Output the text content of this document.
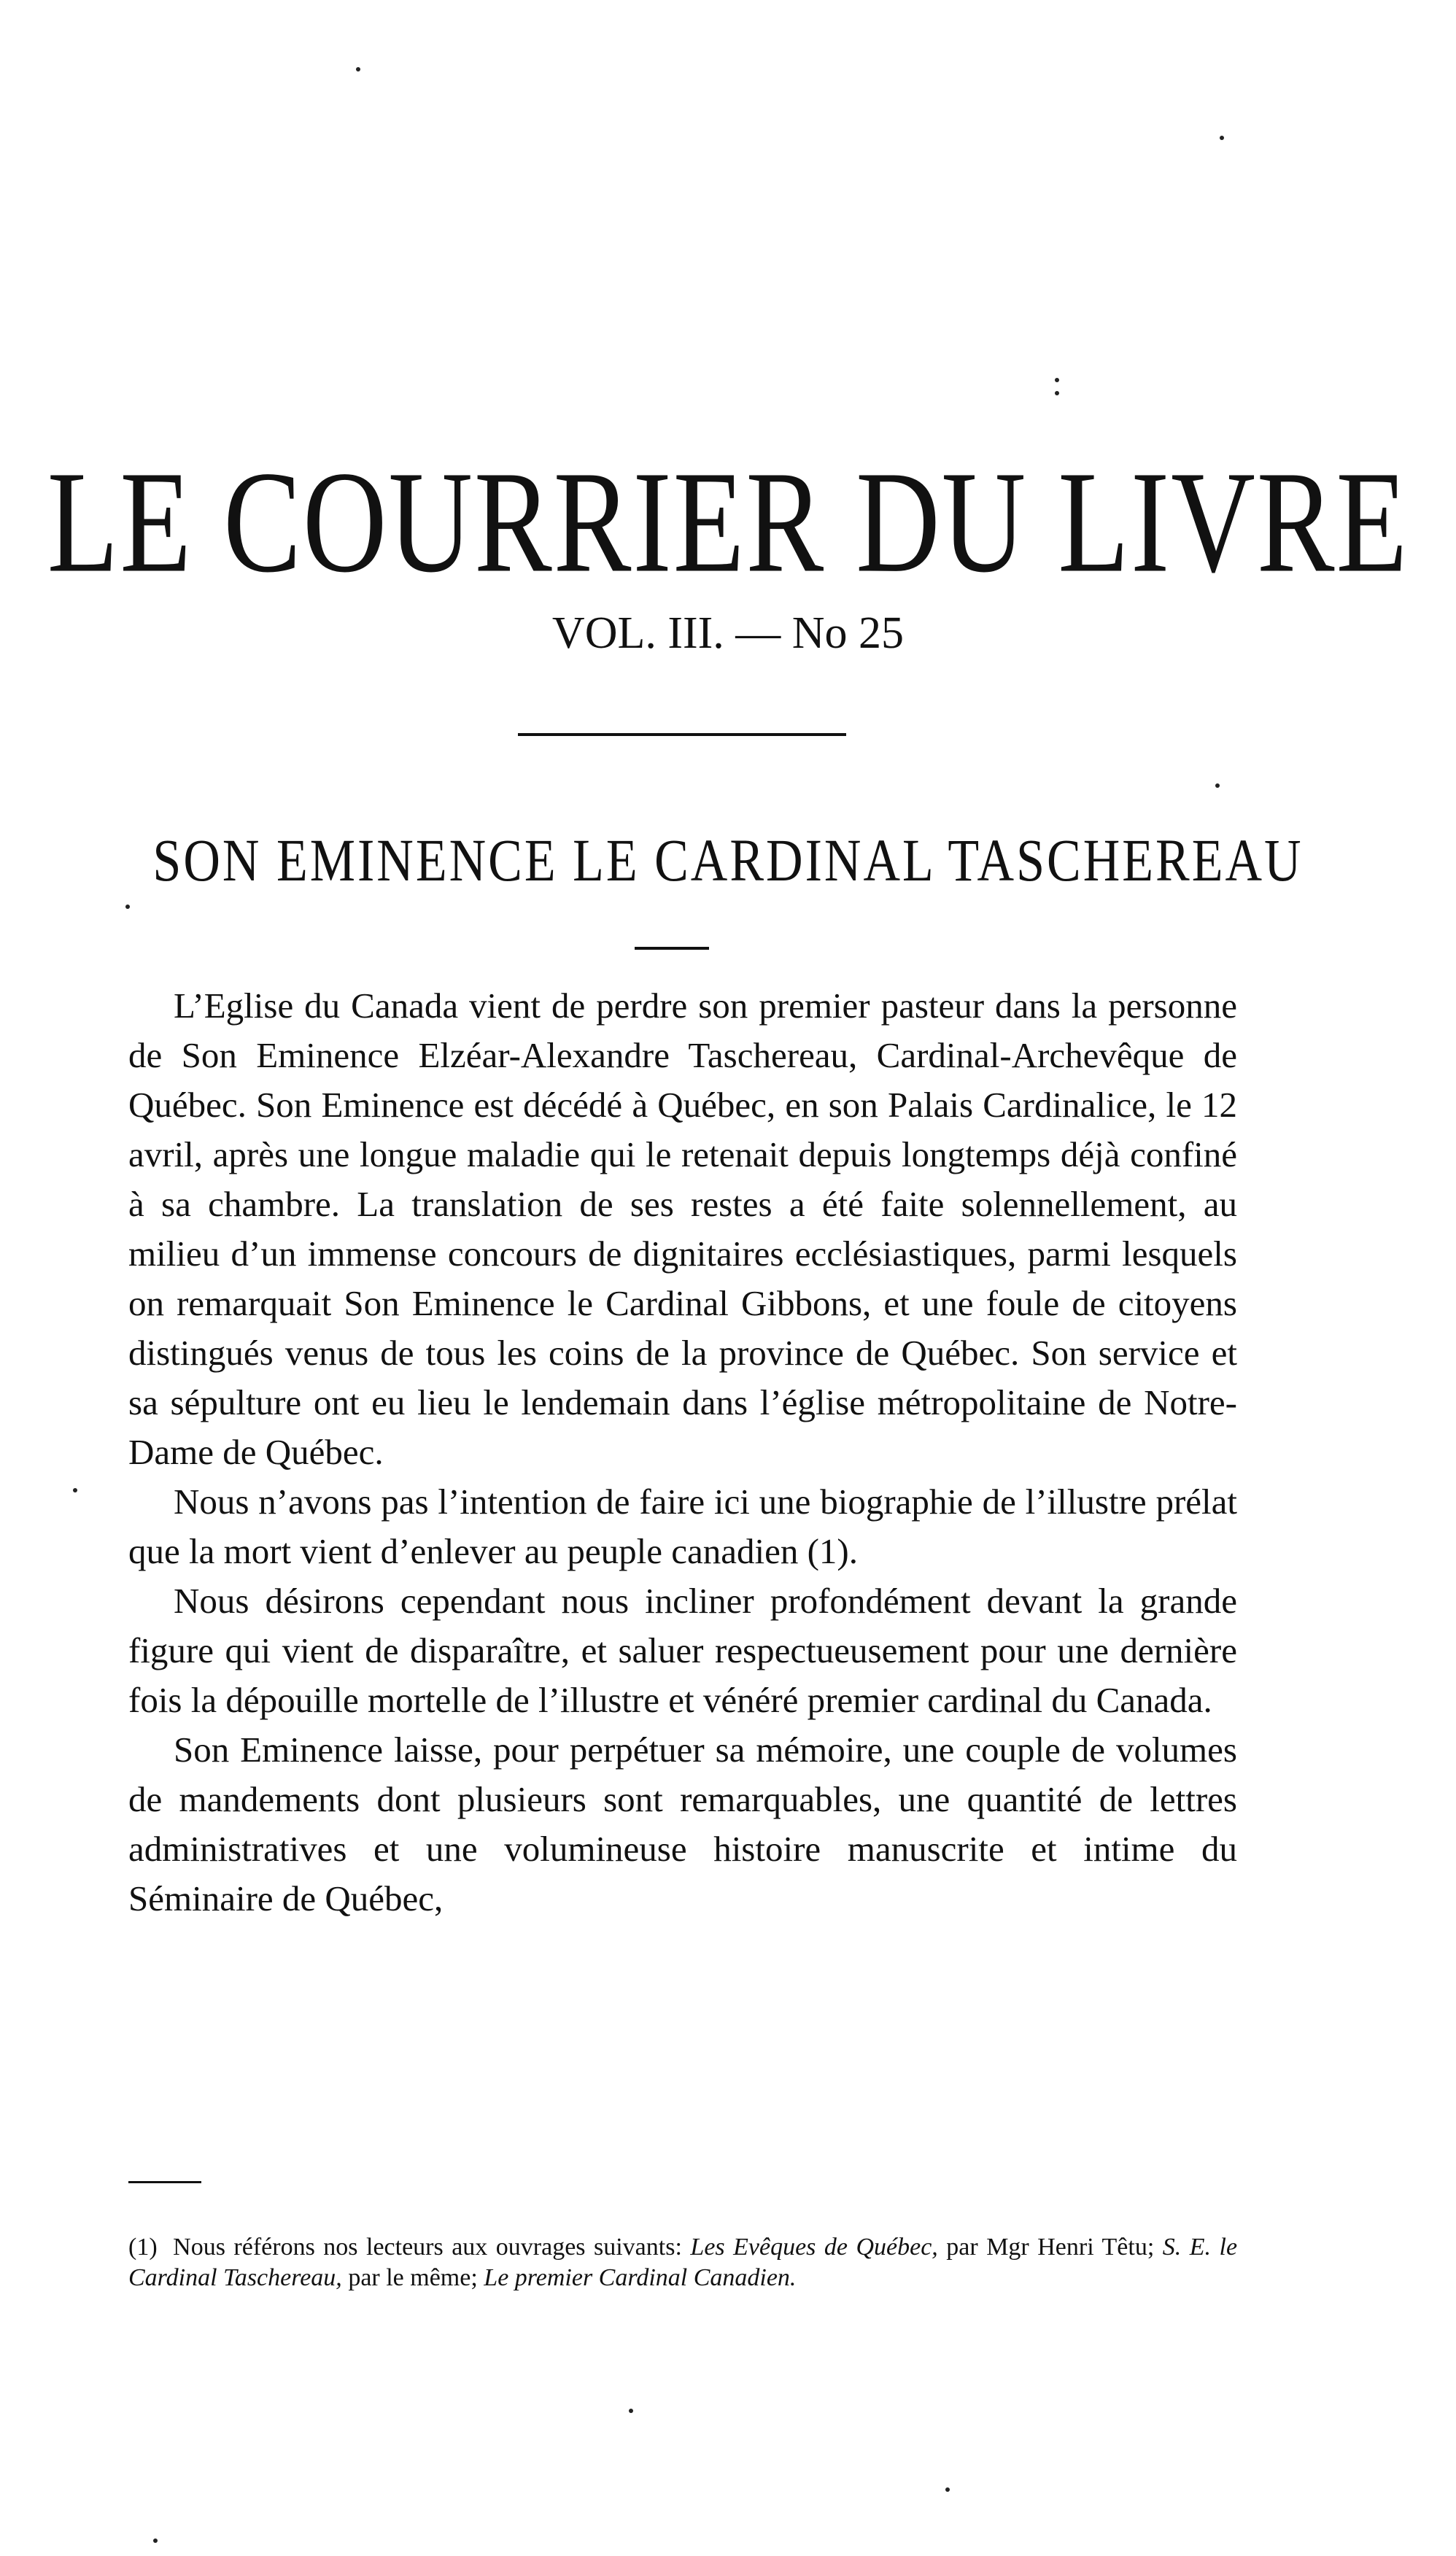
LE COURRIER DU LIVRE
VOL. III. — No 25
SON EMINENCE LE CARDINAL TASCHEREAU

L’Eglise du Canada vient de perdre son premier pasteur dans la personne de Son Eminence Elzéar-Alexandre Taschereau, Cardinal-Archevêque de Québec. Son Eminence est décédé à Québec, en son Palais Cardinalice, le 12 avril, après une longue maladie qui le retenait depuis longtemps déjà confiné à sa chambre. La translation de ses restes a été faite solennellement, au milieu d’un immense concours de dignitaires ecclésiastiques, parmi lesquels on remarquait Son Eminence le Cardinal Gibbons, et une foule de citoyens distingués venus de tous les coins de la province de Québec. Son service et sa sépulture ont eu lieu le lendemain dans l’église métropolitaine de Notre-Dame de Québec.

Nous n’avons pas l’intention de faire ici une biographie de l’illustre prélat que la mort vient d’enlever au peuple canadien (1).

Nous désirons cependant nous incliner profondément devant la grande figure qui vient de disparaître, et saluer respectueusement pour une dernière fois la dépouille mortelle de l’illustre et vénéré premier cardinal du Canada.

Son Eminence laisse, pour perpétuer sa mémoire, une couple de volumes de mandements dont plusieurs sont remarquables, une quantité de lettres administratives et une volumineuse histoire manuscrite et intime du Séminaire de Québec,

(1) Nous référons nos lecteurs aux ouvrages suivants: Les Evêques de Québec, par Mgr Henri Têtu; S. E. le Cardinal Taschereau, par le même; Le premier Cardinal Canadien.
